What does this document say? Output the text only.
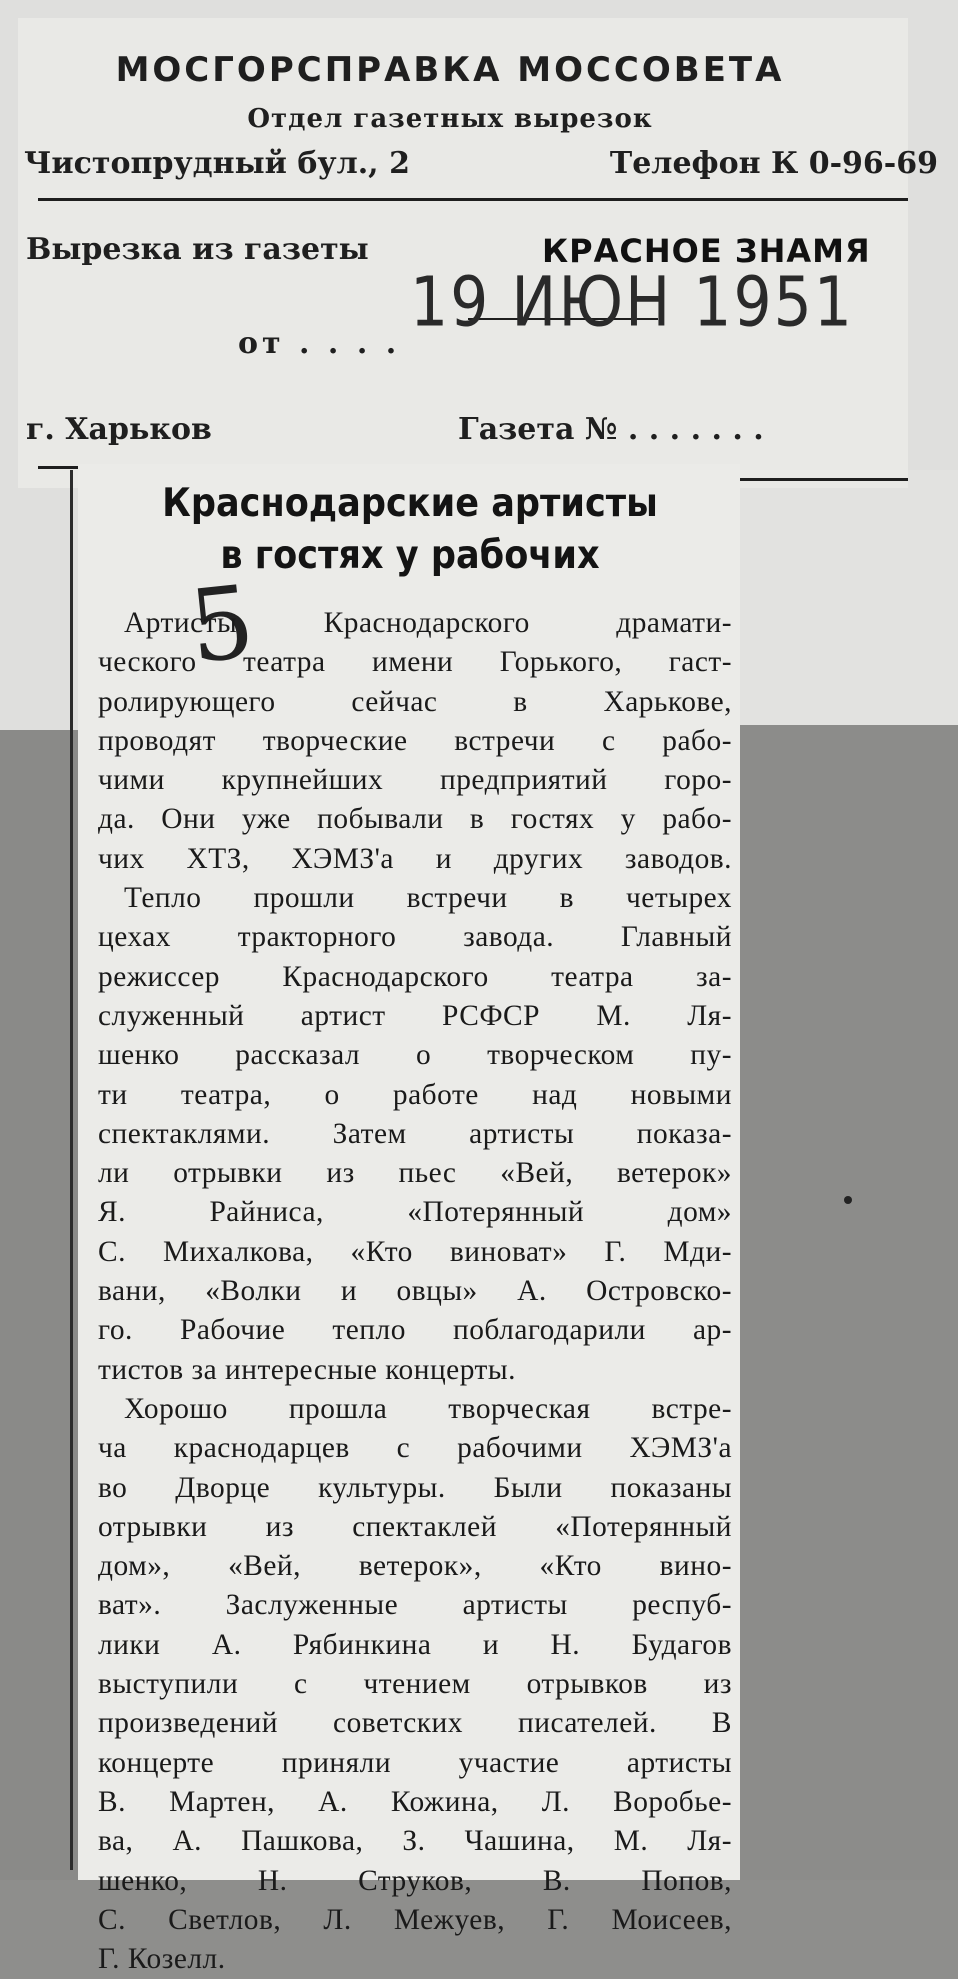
МОСГОРСПРАВКА МОССОВЕТА
Отдел газетных вырезок
Чистопрудный бул., 2	Телефон К 0-96-69
Вырезка из газеты	КРАСНОЕ ЗНАМЯ
19 ИЮН 1951
от . . . .
г. Харьков	Газета № . . . . . . .
Краснодарские артисты
в гостях у рабочих
5
Артисты Краснодарского драмати-
ческого театра имени Горького, гаст-
ролирующего сейчас в Харькове,
проводят творческие встречи с рабо-
чими крупнейших предприятий горо-
да. Они уже побывали в гостях у рабо-
чих ХТЗ, ХЭМЗ'а и других заводов.
Тепло прошли встречи в четырех
цехах тракторного завода. Главный
режиссер Краснодарского театра за-
служенный артист РСФСР М. Ля-
шенко рассказал о творческом пу-
ти театра, о работе над новыми
спектаклями. Затем артисты показа-
ли отрывки из пьес «Вей, ветерок»
Я. Райниса, «Потерянный дом»
С. Михалкова, «Кто виноват» Г. Мди-
вани, «Волки и овцы» А. Островско-
го. Рабочие тепло поблагодарили ар-
тистов за интересные концерты.
Хорошо прошла творческая встре-
ча краснодарцев с рабочими ХЭМЗ'а
во Дворце культуры. Были показаны
отрывки из спектаклей «Потерянный
дом», «Вей, ветерок», «Кто вино-
ват». Заслуженные артисты респуб-
лики А. Рябинкина и Н. Будагов
выступили с чтением отрывков из
произведений советских писателей. В
концерте приняли участие артисты
В. Мартен, А. Кожина, Л. Воробье-
ва, А. Пашкова, З. Чашина, М. Ля-
шенко, Н. Струков, В. Попов,
С. Светлов, Л. Межуев, Г. Моисеев,
Г. Козелл.
